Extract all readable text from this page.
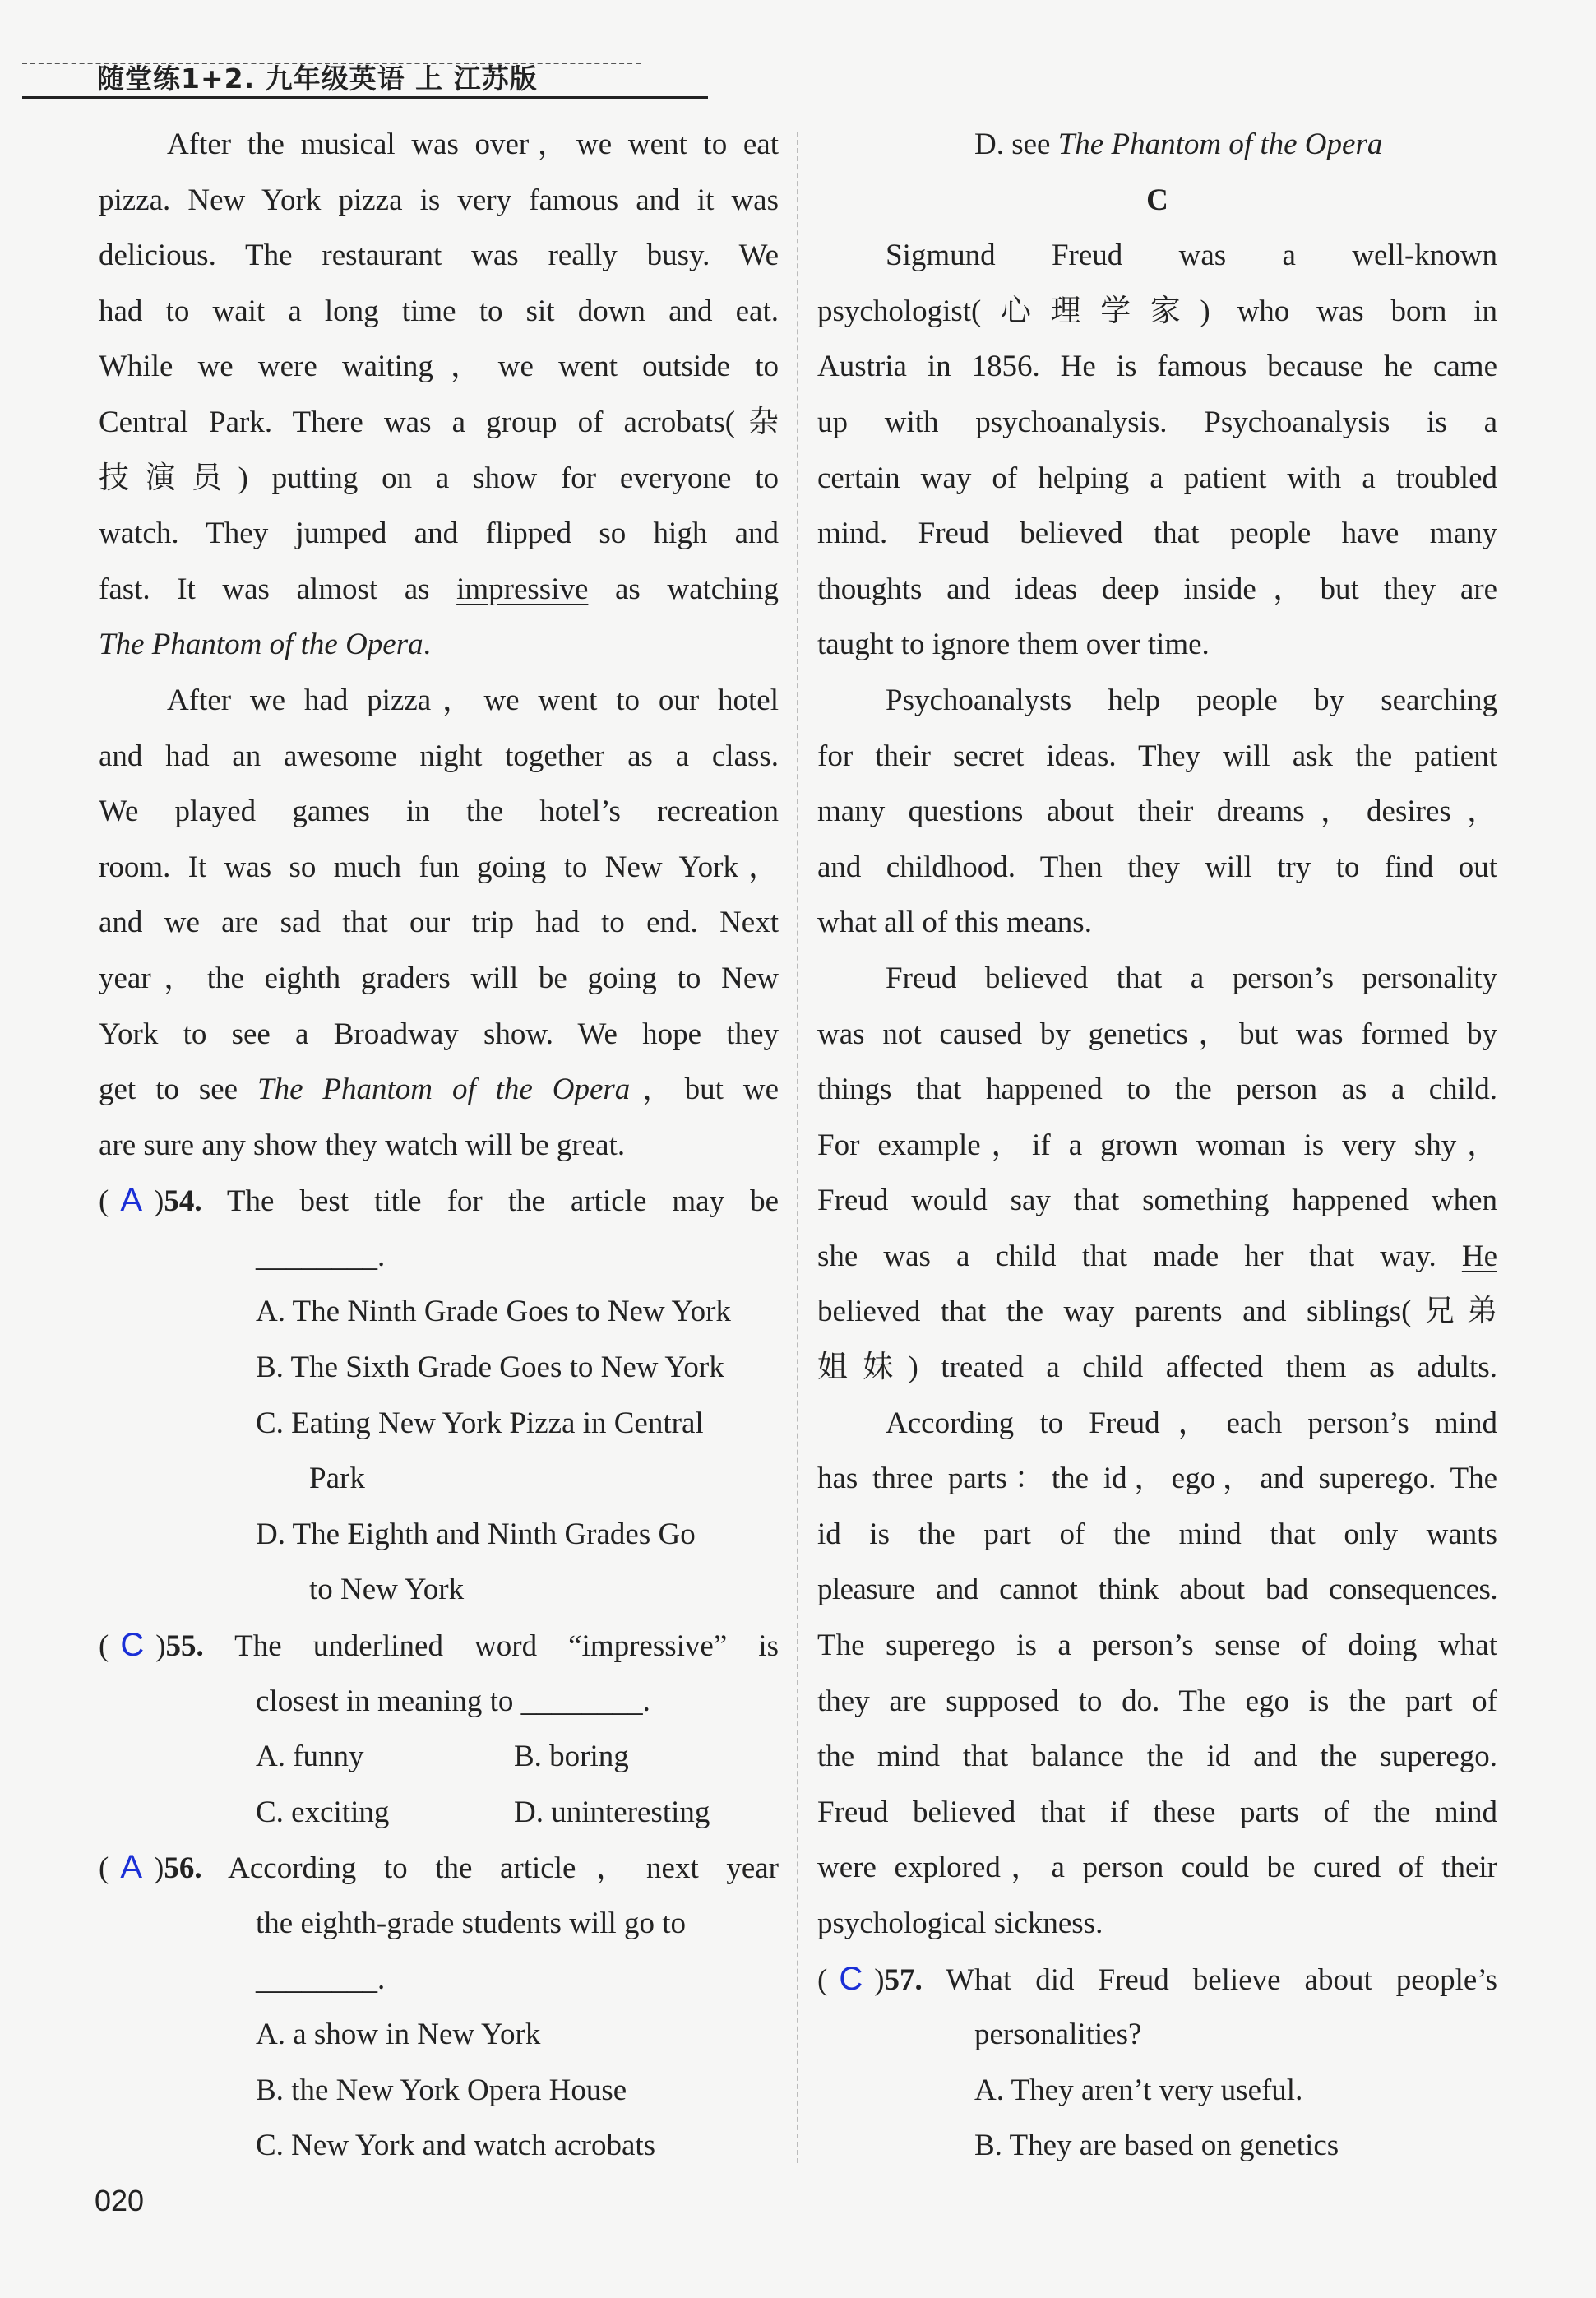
随堂练1+2. 九年级英语 上 江苏版
After the musical was over，we went to eat
pizza. New York pizza is very famous and it was
delicious. The restaurant was really busy. We
had to wait a long time to sit down and eat.
While we were waiting，we went outside to
Central Park. There was a group of acrobats(杂
技演员) putting on a show for everyone to
watch. They jumped and flipped so high and
fast. It was almost as impressive as watching
The Phantom of the Opera.
After we had pizza，we went to our hotel
and had an awesome night together as a class.
We played games in the hotel’s recreation
room. It was so much fun going to New York，
and we are sad that our trip had to end. Next
year，the eighth graders will be going to New
York to see a Broadway show. We hope they
get to see The Phantom of the Opera，but we
are sure any show they watch will be great.
( A )54. The best title for the article may be
________.
A. The Ninth Grade Goes to New York
B. The Sixth Grade Goes to New York
C. Eating New York Pizza in Central
Park
D. The Eighth and Ninth Grades Go
to New York
( C )55. The underlined word “impressive” is
closest in meaning to ________.
A. funny	B. boring
C. exciting	D. uninteresting
( A )56. According to the article，next year
the eighth-grade students will go to
________.
A. a show in New York
B. the New York Opera House
C. New York and watch acrobats
D. see The Phantom of the Opera
C
Sigmund Freud was a well-known
psychologist(心理学家) who was born in
Austria in 1856. He is famous because he came
up with psychoanalysis. Psychoanalysis is a
certain way of helping a patient with a troubled
mind. Freud believed that people have many
thoughts and ideas deep inside，but they are
taught to ignore them over time.
Psychoanalysts help people by searching
for their secret ideas. They will ask the patient
many questions about their dreams，desires，
and childhood. Then they will try to find out
what all of this means.
Freud believed that a person’s personality
was not caused by genetics，but was formed by
things that happened to the person as a child.
For example，if a grown woman is very shy，
Freud would say that something happened when
she was a child that made her that way. He
believed that the way parents and siblings(兄弟
姐妹) treated a child affected them as adults.
According to Freud，each person’s mind
has three parts：the id，ego，and superego. The
id is the part of the mind that only wants
pleasure and cannot think about bad consequences.
The superego is a person’s sense of doing what
they are supposed to do. The ego is the part of
the mind that balance the id and the superego.
Freud believed that if these parts of the mind
were explored，a person could be cured of their
psychological sickness.
( C )57. What did Freud believe about people’s
personalities?
A. They aren’t very useful.
B. They are based on genetics
020
